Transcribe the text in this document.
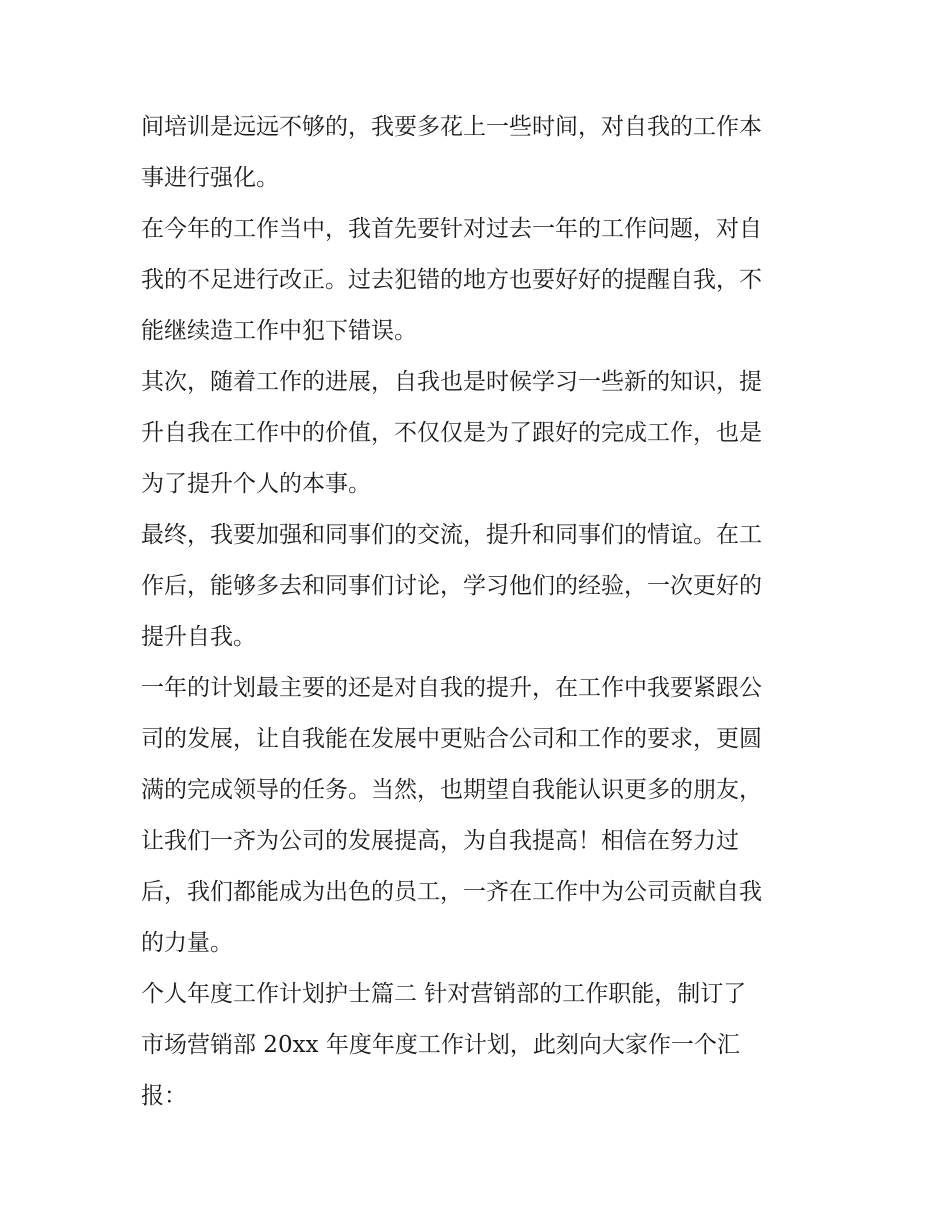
间培训是远远不够的，我要多花上一些时间，对自我的工作本
事进行强化。
在今年的工作当中，我首先要针对过去一年的工作问题，对自
我的不足进行改正。过去犯错的地方也要好好的提醒自我，不
能继续造工作中犯下错误。
其次，随着工作的进展，自我也是时候学习一些新的知识，提
升自我在工作中的价值，不仅仅是为了跟好的完成工作，也是
为了提升个人的本事。
最终，我要加强和同事们的交流，提升和同事们的情谊。在工
作后，能够多去和同事们讨论，学习他们的经验，一次更好的
提升自我。
一年的计划最主要的还是对自我的提升，在工作中我要紧跟公
司的发展，让自我能在发展中更贴合公司和工作的要求，更圆
满的完成领导的任务。当然，也期望自我能认识更多的朋友，
让我们一齐为公司的发展提高，为自我提高！相信在努力过
后，我们都能成为出色的员工，一齐在工作中为公司贡献自我
的力量。
个人年度工作计划护士篇二 针对营销部的工作职能，制订了
市场营销部 20xx 年度年度工作计划，此刻向大家作一个汇
报：
